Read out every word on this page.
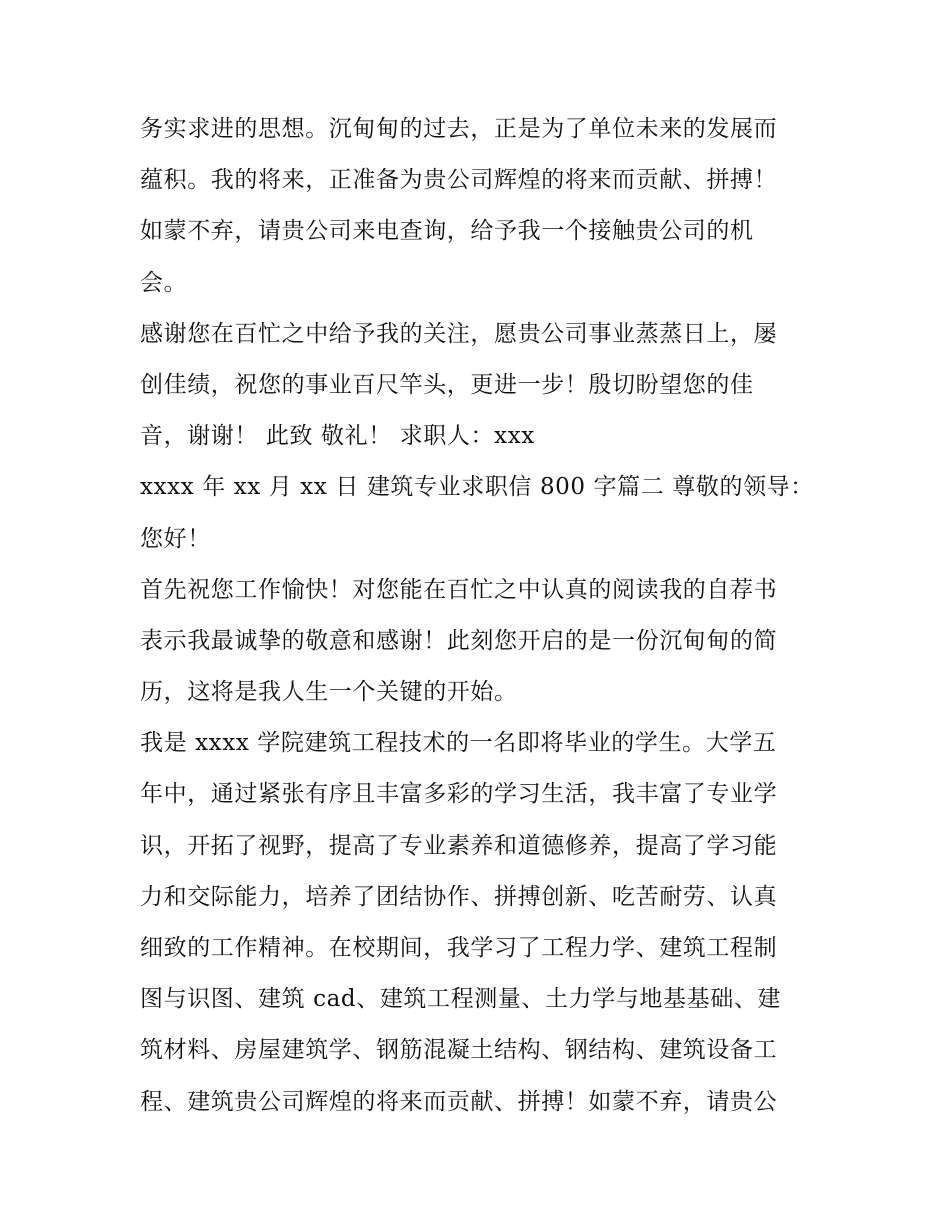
务实求进的思想。沉甸甸的过去，正是为了单位未来的发展而
蕴积。我的将来，正准备为贵公司辉煌的将来而贡献、拼搏！
如蒙不弃，请贵公司来电查询，给予我一个接触贵公司的机
会。
感谢您在百忙之中给予我的关注，愿贵公司事业蒸蒸日上，屡
创佳绩，祝您的事业百尺竿头，更进一步！殷切盼望您的佳
音，谢谢！ 此致 敬礼！ 求职人：xxx
xxxx 年 xx 月 xx 日 建筑专业求职信 800 字篇二 尊敬的领导：
您好！
首先祝您工作愉快！对您能在百忙之中认真的阅读我的自荐书
表示我最诚挚的敬意和感谢！此刻您开启的是一份沉甸甸的简
历，这将是我人生一个关键的开始。
我是 xxxx 学院建筑工程技术的一名即将毕业的学生。大学五
年中，通过紧张有序且丰富多彩的学习生活，我丰富了专业学
识，开拓了视野，提高了专业素养和道德修养，提高了学习能
力和交际能力，培养了团结协作、拼搏创新、吃苦耐劳、认真
细致的工作精神。在校期间，我学习了工程力学、建筑工程制
图与识图、建筑 cad、建筑工程测量、土力学与地基基础、建
筑材料、房屋建筑学、钢筋混凝土结构、钢结构、建筑设备工
程、建筑贵公司辉煌的将来而贡献、拼搏！如蒙不弃，请贵公
